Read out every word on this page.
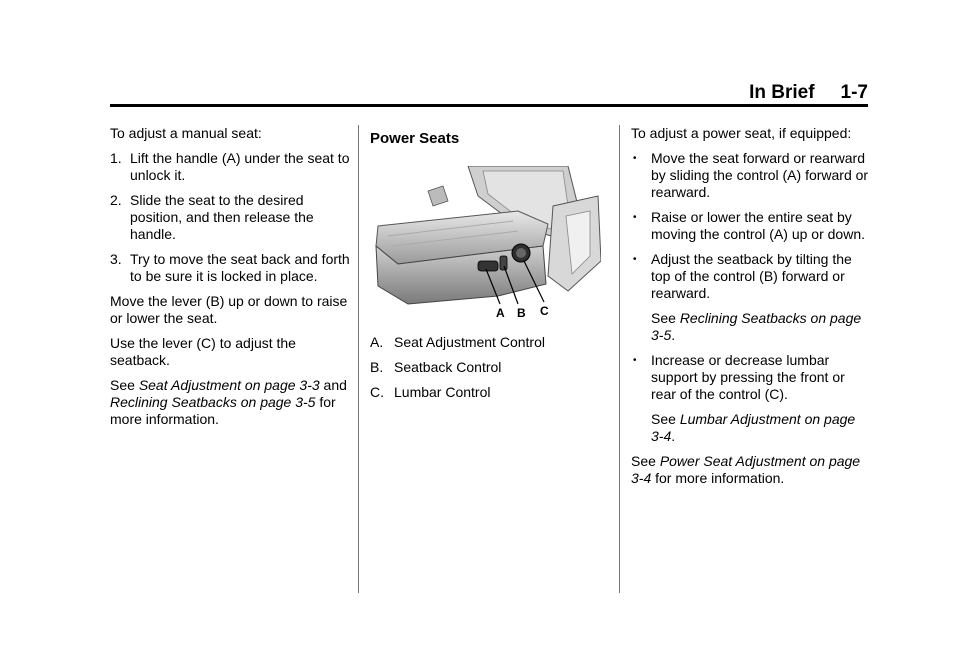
In Brief 1-7

To adjust a manual seat:

1. Lift the handle (A) under the seat to unlock it.
2. Slide the seat to the desired position, and then release the handle.
3. Try to move the seat back and forth to be sure it is locked in place.

Move the lever (B) up or down to raise or lower the seat.

Use the lever (C) to adjust the seatback.

See Seat Adjustment on page 3-3 and Reclining Seatbacks on page 3-5 for more information.

Power Seats
A B C
A. Seat Adjustment Control
B. Seatback Control
C. Lumbar Control

To adjust a power seat, if equipped:

•	Move the seat forward or rearward by sliding the control (A) forward or rearward.
•	Raise or lower the entire seat by moving the control (A) up or down.
•	Adjust the seatback by tilting the top of the control (B) forward or rearward.

See Reclining Seatbacks on page 3-5.

•	Increase or decrease lumbar support by pressing the front or rear of the control (C).

See Lumbar Adjustment on page 3-4.

See Power Seat Adjustment on page 3-4 for more information.
